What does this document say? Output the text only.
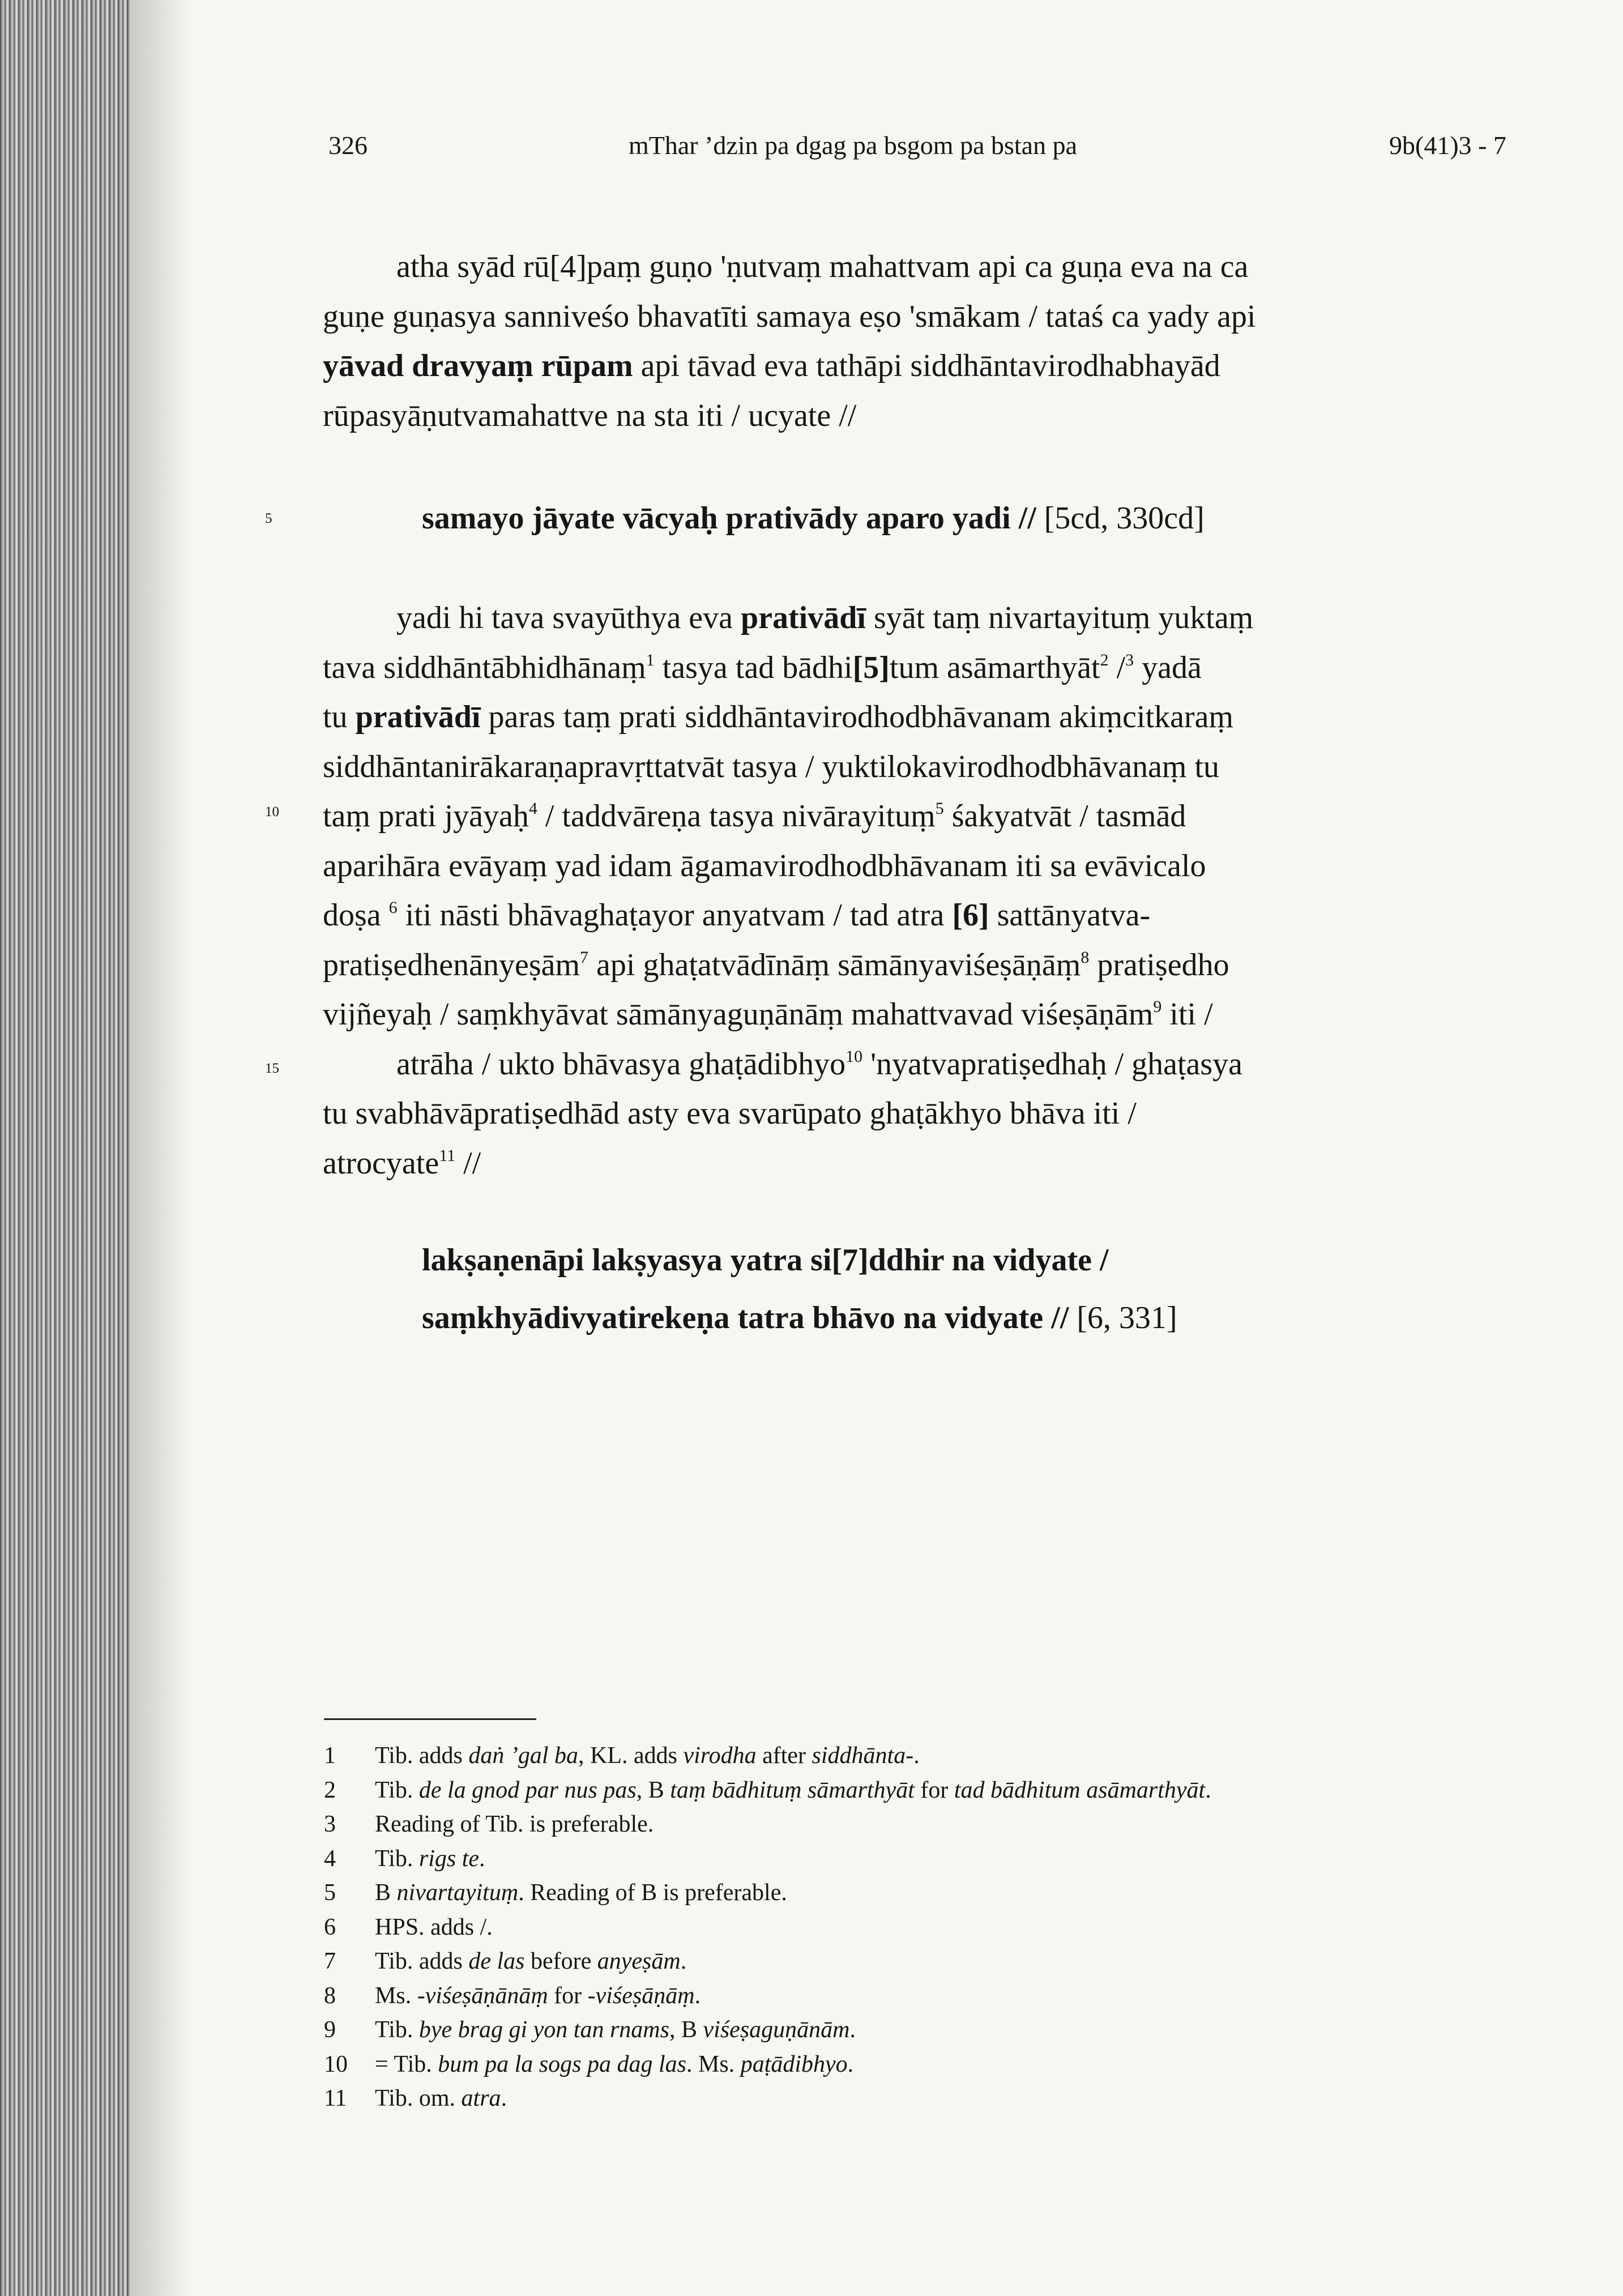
326	mThar ’dzin pa dgag pa bsgom pa bstan pa	9b(41)3 - 7
5
10
15
atha syād rū[4]paṃ guṇo 'ṇutvaṃ mahattvam api ca guṇa eva na ca
guṇe guṇasya sanniveśo bhavatīti samaya eṣo 'smākam / tataś ca yady api
yāvad dravyaṃ rūpam api tāvad eva tathāpi siddhāntavirodhabhayād
rūpasyāṇutvamahattve na sta iti / ucyate //
samayo jāyate vācyaḥ prativādy aparo yadi // [5cd, 330cd]
yadi hi tava svayūthya eva prativādī syāt taṃ nivartayituṃ yuktaṃ
tava siddhāntābhidhānaṃ$^1$ tasya tad bādhi[5]tum asāmarthyāt$^2$ /$^3$ yadā
tu prativādī paras taṃ prati siddhāntavirodhodbhāvanam akiṃcitkaraṃ
siddhāntanirākaraṇapravṛttatvāt tasya / yuktilokavirodhodbhāvanaṃ tu
taṃ prati jyāyaḥ$^4$ / taddvāreṇa tasya nivārayituṃ$^5$ śakyatvāt / tasmād
aparihāra evāyaṃ yad idam āgamavirodhodbhāvanam iti sa evāvicalo
doṣa $^6$ iti nāsti bhāvaghaṭayor anyatvam / tad atra [6] sattānyatva-
pratiṣedhenānyeṣām$^7$ api ghaṭatvādīnāṃ sāmānyaviśeṣāṇāṃ$^8$ pratiṣedho
vijñeyaḥ / saṃkhyāvat sāmānyaguṇānāṃ mahattvavad viśeṣāṇām$^9$ iti /
atrāha / ukto bhāvasya ghaṭādibhyo$^{10}$ 'nyatvapratiṣedhaḥ / ghaṭasya
tu svabhāvāpratiṣedhād asty eva svarūpato ghaṭākhyo bhāva iti /
atrocyate$^{11}$ //
lakṣaṇenāpi lakṣyasya yatra si[7]ddhir na vidyate /
saṃkhyādivyatirekeṇa tatra bhāvo na vidyate // [6, 331]
1	Tib. adds daṅ ’gal ba, KL. adds virodha after siddhānta-.
2	Tib. de la gnod par nus pas, B taṃ bādhituṃ sāmarthyāt for tad bādhitum asāmarthyāt.
3	Reading of Tib. is preferable.
4	Tib. rigs te.
5	B nivartayituṃ. Reading of B is preferable.
6	HPS. adds /.
7	Tib. adds de las before anyeṣām.
8	Ms. -viśeṣāṇānāṃ for -viśeṣāṇāṃ.
9	Tib. bye brag gi yon tan rnams, B viśeṣaguṇānām.
10	= Tib. bum pa la sogs pa dag las. Ms. paṭādibhyo.
11	Tib. om. atra.
